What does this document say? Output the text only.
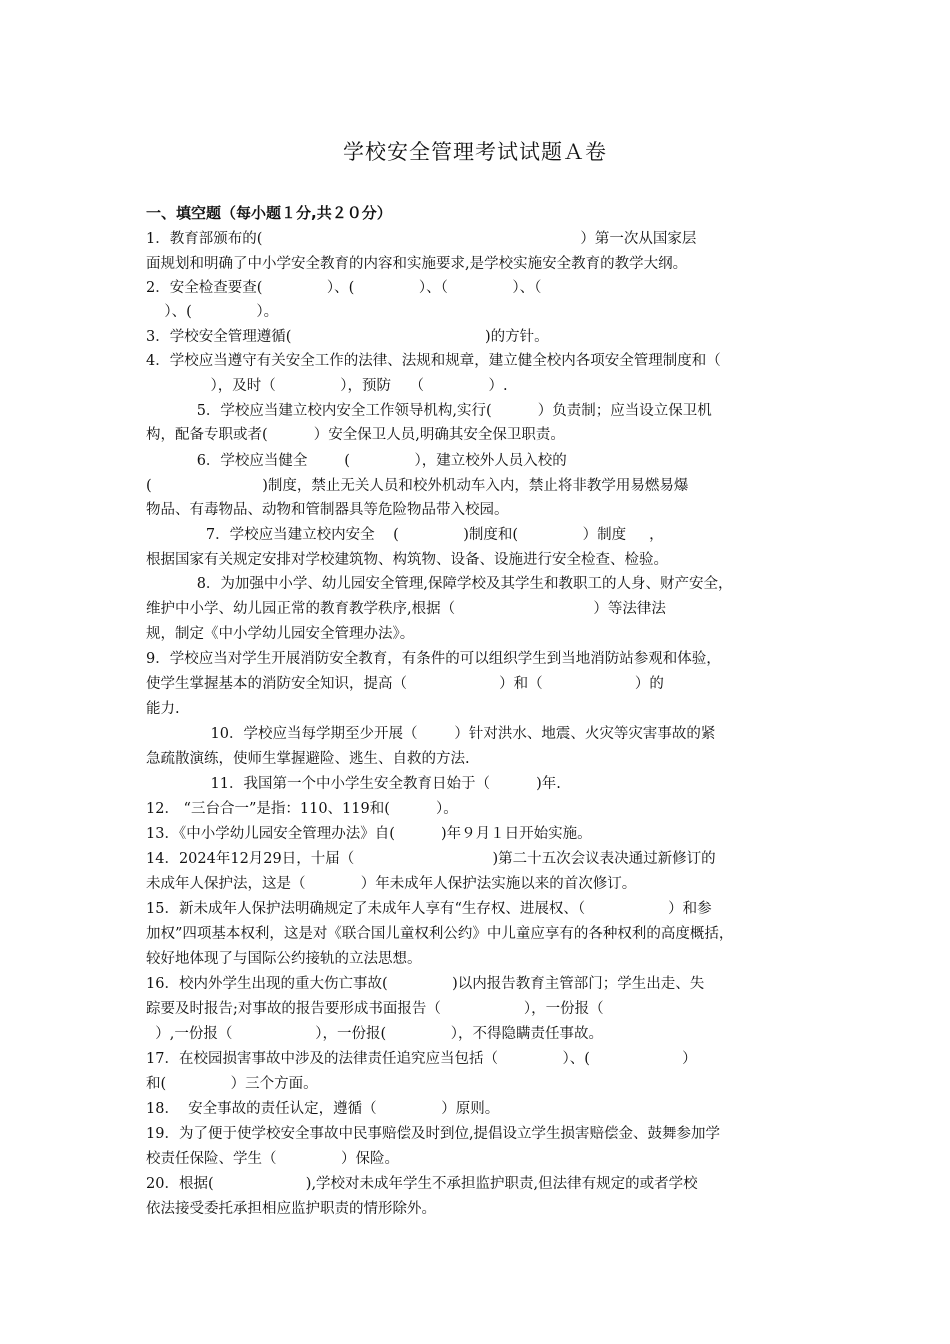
学校安全管理考试试题Ａ卷
一、填空题（每小题１分,共２０分）
1．教育部颁布的(                                                                     ）第一次从国家层
面规划和明确了中小学安全教育的内容和实施要求,是学校实施安全教育的教学大纲。
2．安全检查要查(              ）、(              ）、（              ）、（
）、(              ）。
3．学校安全管理遵循(                                          )的方针。
4．学校应当遵守有关安全工作的法律、法规和规章，建立健全校内各项安全管理制度和（
），及时（              ），预防    （              ）.
5．学校应当建立校内安全工作领导机构,实行(          ）负责制；应当设立保卫机
构，配备专职或者(          ）安全保卫人员,明确其安全保卫职责。
6．学校应当健全        (              ），建立校外人员入校的
(                        )制度，禁止无关人员和校外机动车入内，禁止将非教学用易燃易爆
物品、有毒物品、动物和管制器具等危险物品带入校园。
7．学校应当建立校内安全    (              )制度和(              ）制度     ，
根据国家有关规定安排对学校建筑物、构筑物、设备、设施进行安全检查、检验。
8．为加强中小学、幼儿园安全管理,保障学校及其学生和教职工的人身、财产安全，
维护中小学、幼儿园正常的教育教学秩序,根据（                              ）等法律法
规，制定《中小学幼儿园安全管理办法》。
9．学校应当对学生开展消防安全教育，有条件的可以组织学生到当地消防站参观和体验，
使学生掌握基本的消防安全知识，提高（                    ）和（                    ）的
能力.
10．学校应当每学期至少开展（        ）针对洪水、地震、火灾等灾害事故的紧
急疏散演练，使师生掌握避险、逃生、自救的方法.
11．我国第一个中小学生安全教育日始于（          )年.
12． “三台合一”是指：110、119和(          ）。
13．《中小学幼儿园安全管理办法》自(          )年９月１日开始实施。
14．2024年12月29日，十届（                              )第二十五次会议表决通过新修订的
未成年人保护法，这是（            ）年未成年人保护法实施以来的首次修订。
15．新未成年人保护法明确规定了未成年人享有“生存权、进展权、（                  ）和参
加权”四项基本权利，这是对《联合国儿童权利公约》中儿童应享有的各种权利的高度概括，
较好地体现了与国际公约接轨的立法思想。
16．校内外学生出现的重大伤亡事故(              )以内报告教育主管部门；学生出走、失
踪要及时报告;对事故的报告要形成书面报告（                  ），一份报（
）,一份报（                  ），一份报(              ），不得隐瞒责任事故。
17．在校园损害事故中涉及的法律责任追究应当包括（              ）、(                    ）
和(              ）三个方面。
18．  安全事故的责任认定，遵循（              ）原则。
19．为了便于使学校安全事故中民事赔偿及时到位,提倡设立学生损害赔偿金、鼓舞参加学
校责任保险、学生（              ）保险。
20．根据(                    ),学校对未成年学生不承担监护职责,但法律有规定的或者学校
依法接受委托承担相应监护职责的情形除外。
